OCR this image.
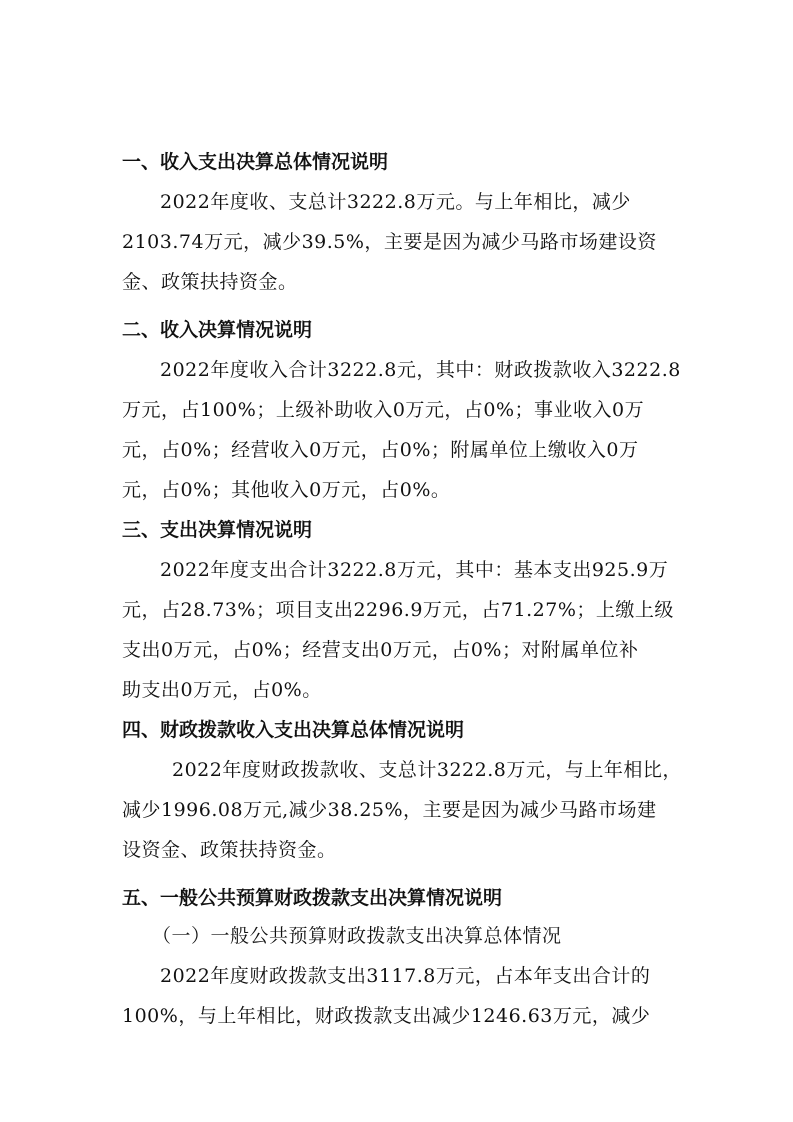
一、收入支出决算总体情况说明
2022年度收、支总计3222.8万元。与上年相比，减少
2103.74万元，减少39.5%，主要是因为减少马路市场建设资
金、政策扶持资金。
二、收入决算情况说明
2022年度收入合计3222.8元，其中：财政拨款收入3222.8
万元，占100%；上级补助收入0万元，占0%；事业收入0万
元，占0%；经营收入0万元，占0%；附属单位上缴收入0万
元，占0%；其他收入0万元，占0%。
三、支出决算情况说明
2022年度支出合计3222.8万元，其中：基本支出925.9万
元，占28.73%；项目支出2296.9万元，占71.27%；上缴上级
支出0万元，占0%；经营支出0万元，占0%；对附属单位补
助支出0万元，占0%。
四、财政拨款收入支出决算总体情况说明
2022年度财政拨款收、支总计3222.8万元，与上年相比，
减少1996.08万元,减少38.25%，主要是因为减少马路市场建
设资金、政策扶持资金。
五、一般公共预算财政拨款支出决算情况说明

（一）一般公共预算财政拨款支出决算总体情况

2022年度财政拨款支出3117.8万元，占本年支出合计的
100%，与上年相比，财政拨款支出减少1246.63万元，减少
